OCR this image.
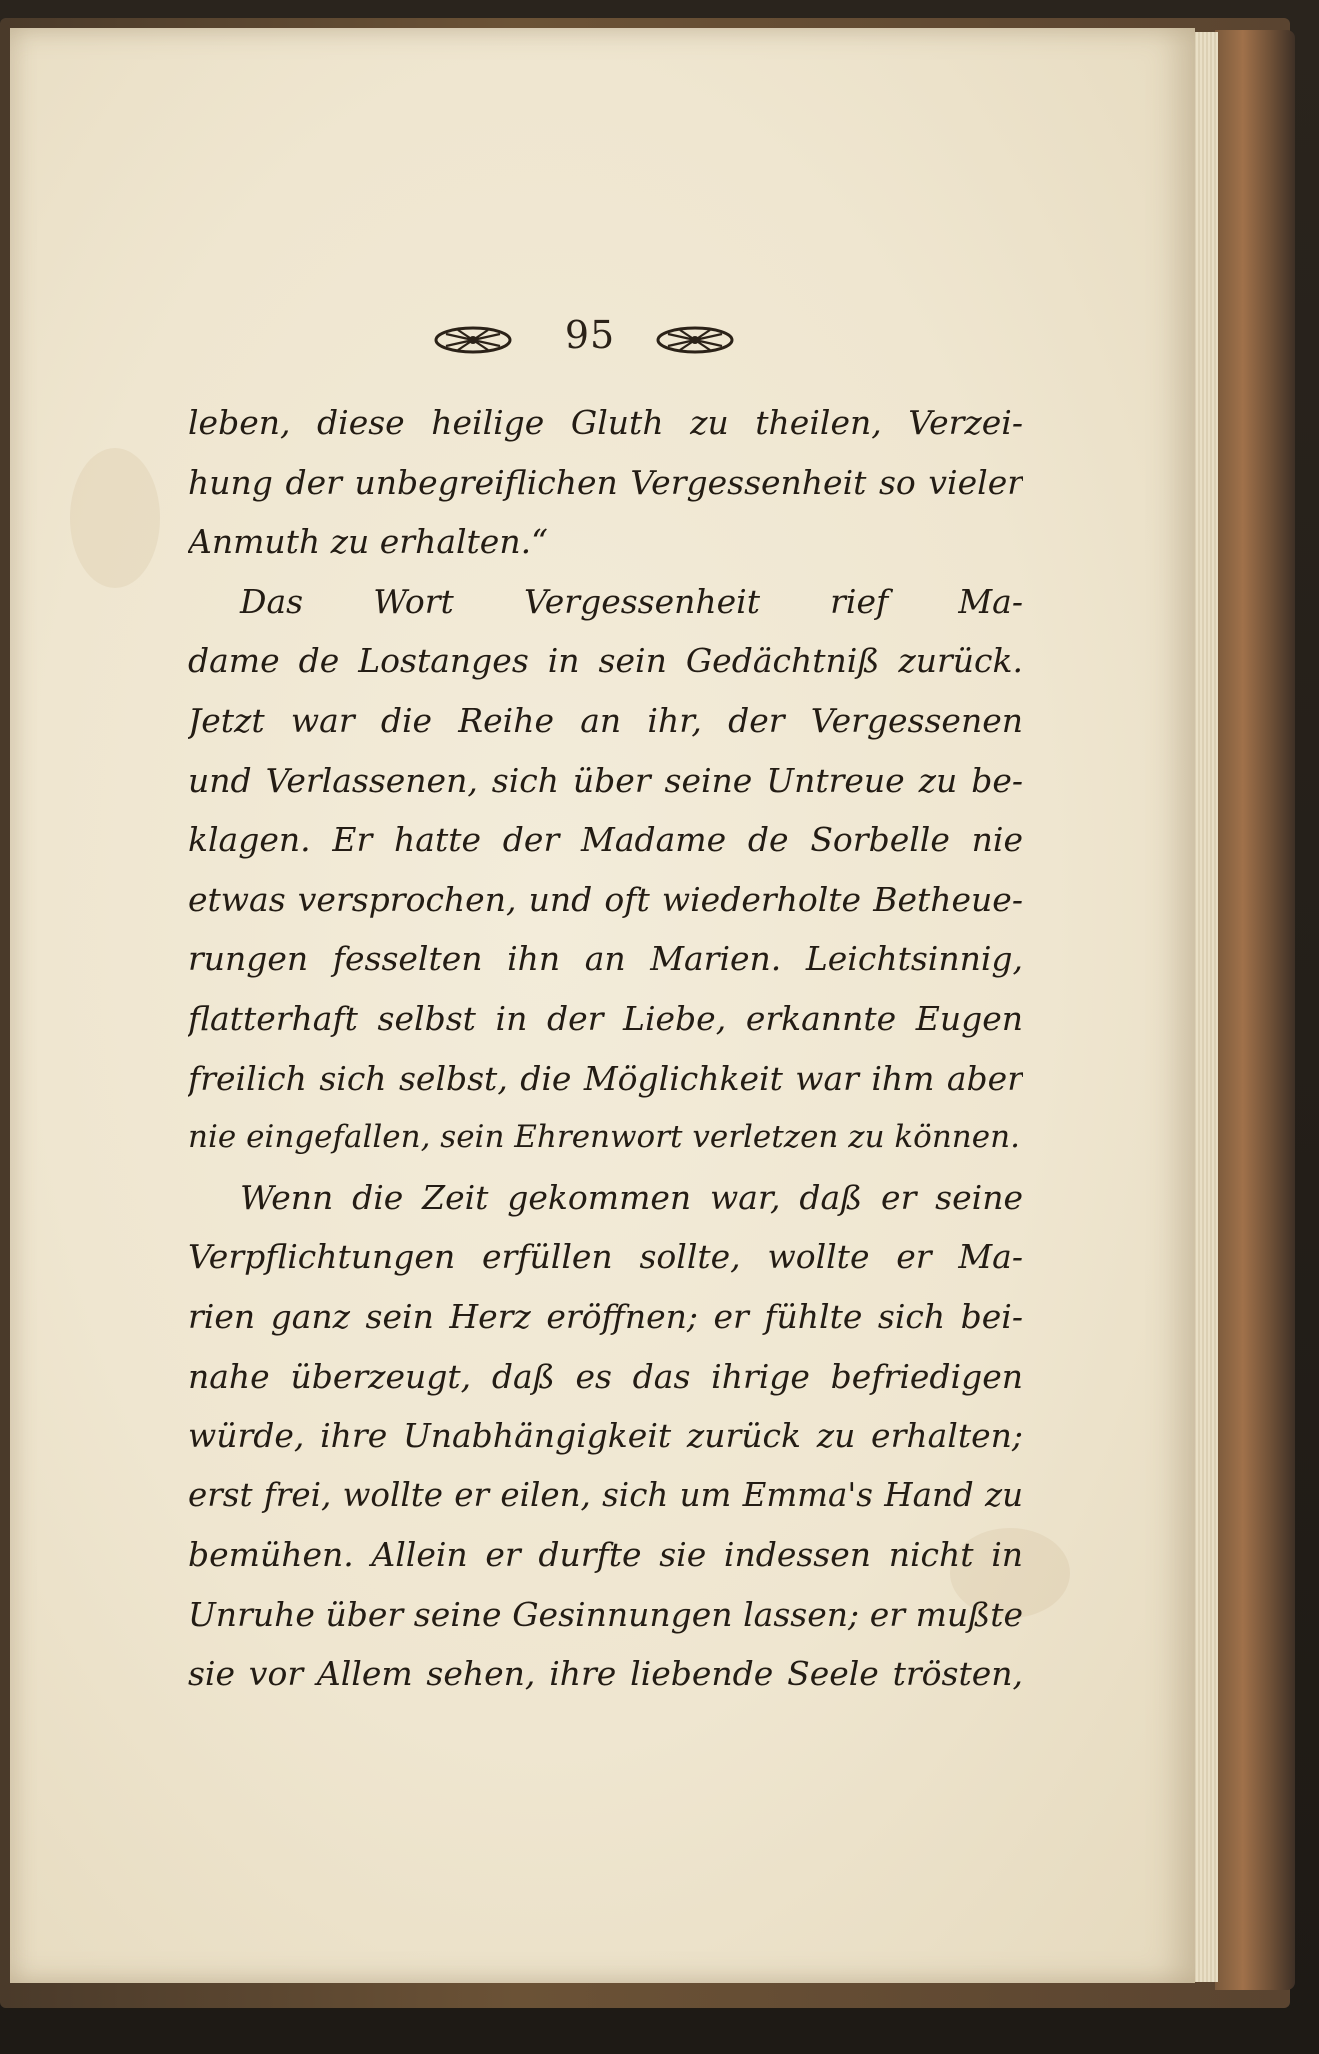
95
leben, diese heilige Gluth zu theilen, Verzei-
hung der unbegreiflichen Vergessenheit so vieler
Anmuth zu erhalten.“
Das Wort Vergessenheit rief Ma-
dame de Lostanges in sein Gedächtniß zurück.
Jetzt war die Reihe an ihr, der Vergessenen
und Verlassenen, sich über seine Untreue zu be-
klagen. Er hatte der Madame de Sorbelle nie
etwas versprochen, und oft wiederholte Betheue-
rungen fesselten ihn an Marien. Leichtsinnig,
flatterhaft selbst in der Liebe, erkannte Eugen
freilich sich selbst, die Möglichkeit war ihm aber
nie eingefallen, sein Ehrenwort verletzen zu können.
Wenn die Zeit gekommen war, daß er seine
Verpflichtungen erfüllen sollte, wollte er Ma-
rien ganz sein Herz eröffnen; er fühlte sich bei-
nahe überzeugt, daß es das ihrige befriedigen
würde, ihre Unabhängigkeit zurück zu erhalten;
erst frei, wollte er eilen, sich um Emma's Hand zu
bemühen. Allein er durfte sie indessen nicht in
Unruhe über seine Gesinnungen lassen; er mußte
sie vor Allem sehen, ihre liebende Seele trösten,
